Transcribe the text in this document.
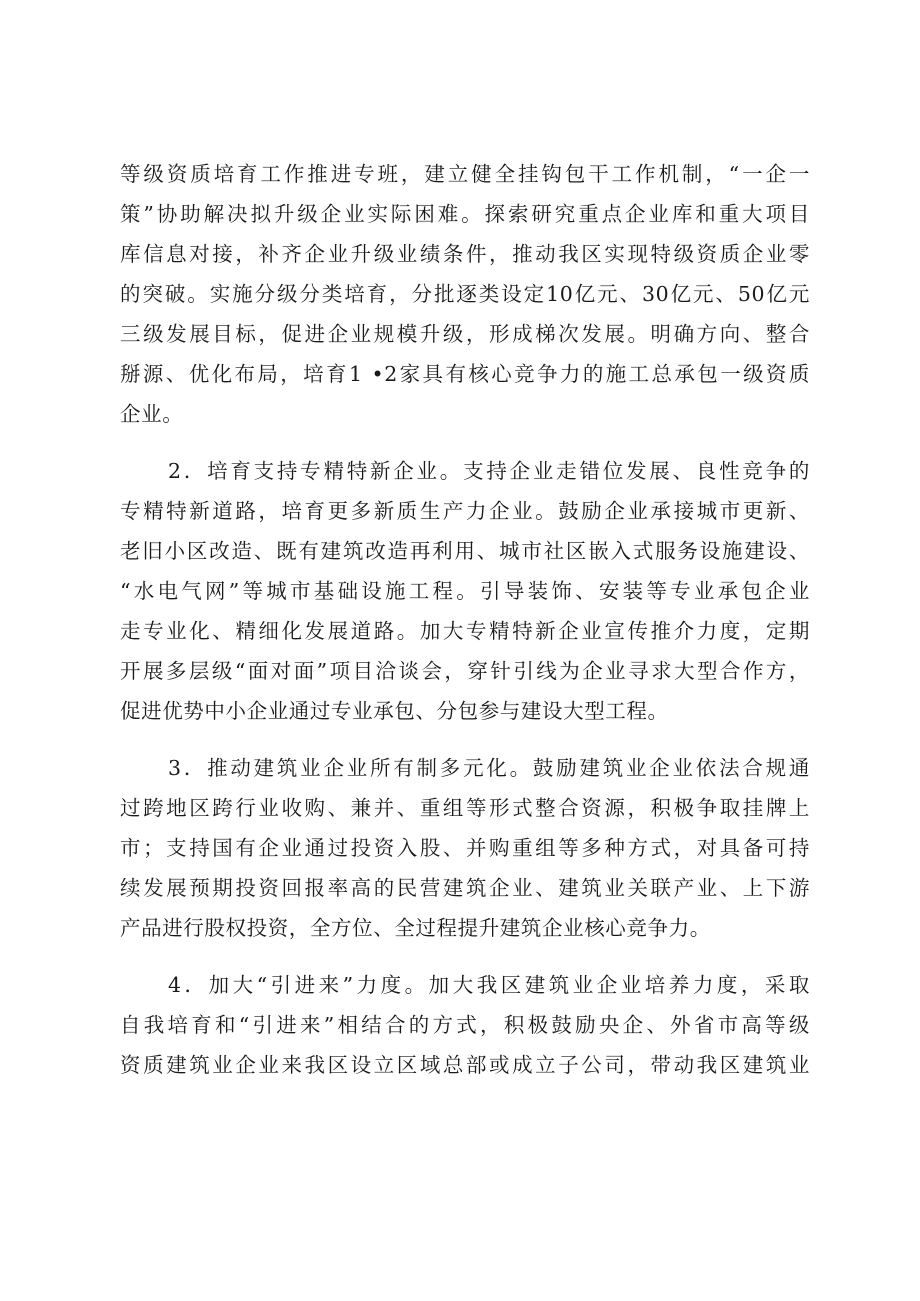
等级资质培育工作推进专班，建立健全挂钩包干工作机制，“一企一
策”协助解决拟升级企业实际困难。探索研究重点企业库和重大项目
库信息对接，补齐企业升级业绩条件，推动我区实现特级资质企业零
的突破。实施分级分类培育，分批逐类设定10亿元、30亿元、50亿元
三级发展目标，促进企业规模升级，形成梯次发展。明确方向、整合
掰源、优化布局，培育1 •2家具有核心竞争力的施工总承包一级资质
企业。
2．培育支持专精特新企业。支持企业走错位发展、良性竞争的
专精特新道路，培育更多新质生产力企业。鼓励企业承接城市更新、
老旧小区改造、既有建筑改造再利用、城市社区嵌入式服务设施建设、
“水电气网”等城市基础设施工程。引导装饰、安装等专业承包企业
走专业化、精细化发展道路。加大专精特新企业宣传推介力度，定期
开展多层级“面对面”项目洽谈会，穿针引线为企业寻求大型合作方，
促进优势中小企业通过专业承包、分包参与建设大型工程。
3．推动建筑业企业所有制多元化。鼓励建筑业企业依法合规通
过跨地区跨行业收购、兼并、重组等形式整合资源，积极争取挂牌上
市；支持国有企业通过投资入股、并购重组等多种方式，对具备可持
续发展预期投资回报率高的民营建筑企业、建筑业关联产业、上下游
产品进行股权投资，全方位、全过程提升建筑企业核心竞争力。
4．加大“引进来”力度。加大我区建筑业企业培养力度，采取
自我培育和“引进来”相结合的方式，积极鼓励央企、外省市高等级
资质建筑业企业来我区设立区域总部或成立子公司，带动我区建筑业
